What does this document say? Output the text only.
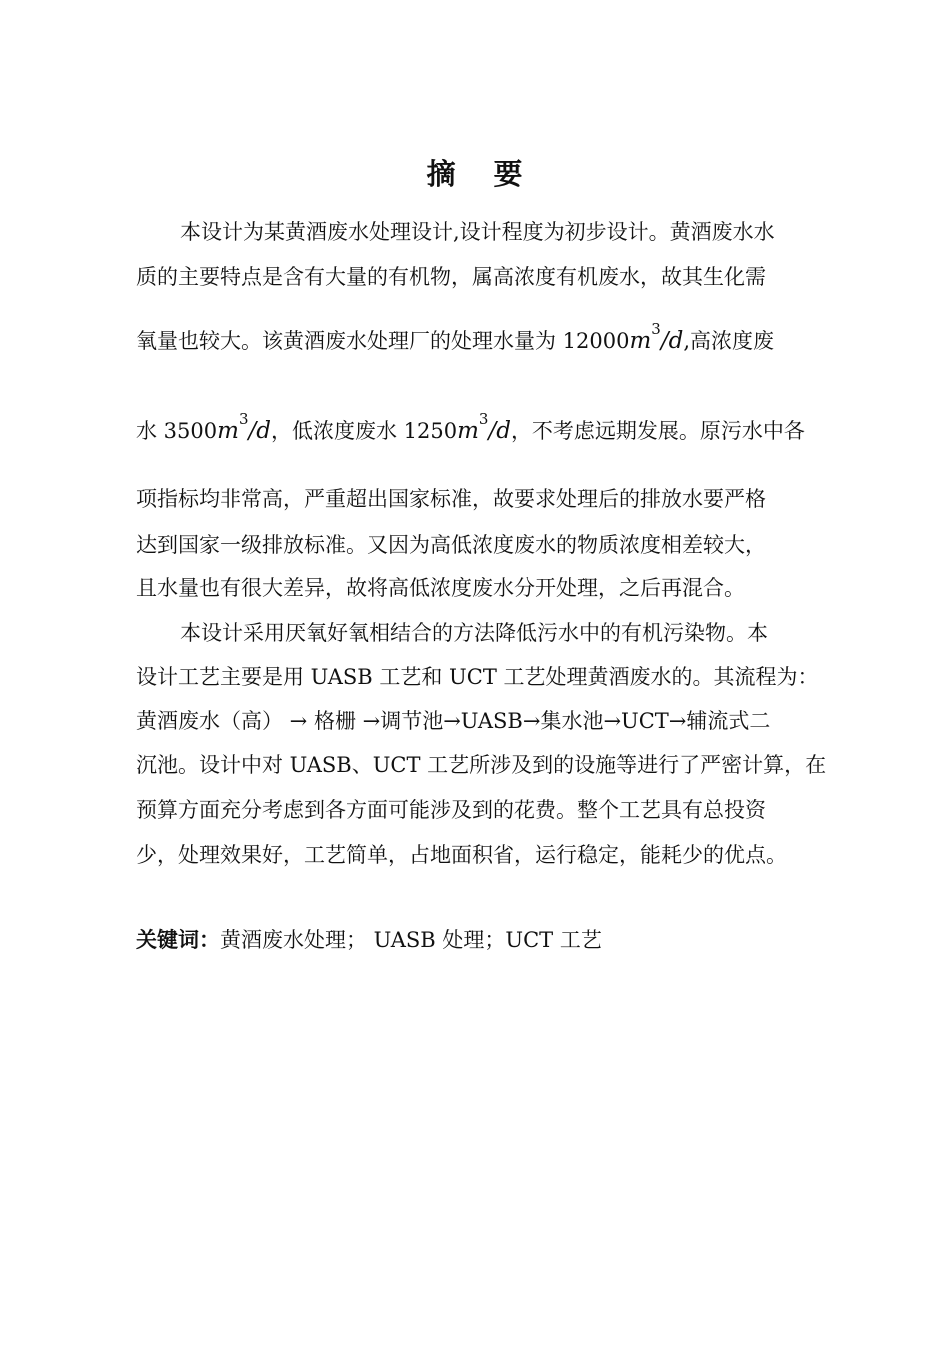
摘 要
本设计为某黄酒废水处理设计,设计程度为初步设计。黄酒废水水
质的主要特点是含有大量的有机物，属高浓度有机废水，故其生化需
氧量也较大。该黄酒废水处理厂的处理水量为 $12000m^3/d$,高浓度废
水 $3500m^3/d$，低浓度废水 $1250m^3/d$，不考虑远期发展。原污水中各
项指标均非常高，严重超出国家标准，故要求处理后的排放水要严格
达到国家一级排放标准。又因为高低浓度废水的物质浓度相差较大，
且水量也有很大差异，故将高低浓度废水分开处理，之后再混合。
本设计采用厌氧好氧相结合的方法降低污水中的有机污染物。本
设计工艺主要是用 UASB 工艺和 UCT 工艺处理黄酒废水的。其流程为：
黄酒废水（高） → 格栅 →调节池→UASB→集水池→UCT→辅流式二
沉池。设计中对 UASB、UCT 工艺所涉及到的设施等进行了严密计算，在
预算方面充分考虑到各方面可能涉及到的花费。整个工艺具有总投资
少，处理效果好，工艺简单，占地面积省，运行稳定，能耗少的优点。
关键词：黄酒废水处理； UASB 处理；UCT 工艺
